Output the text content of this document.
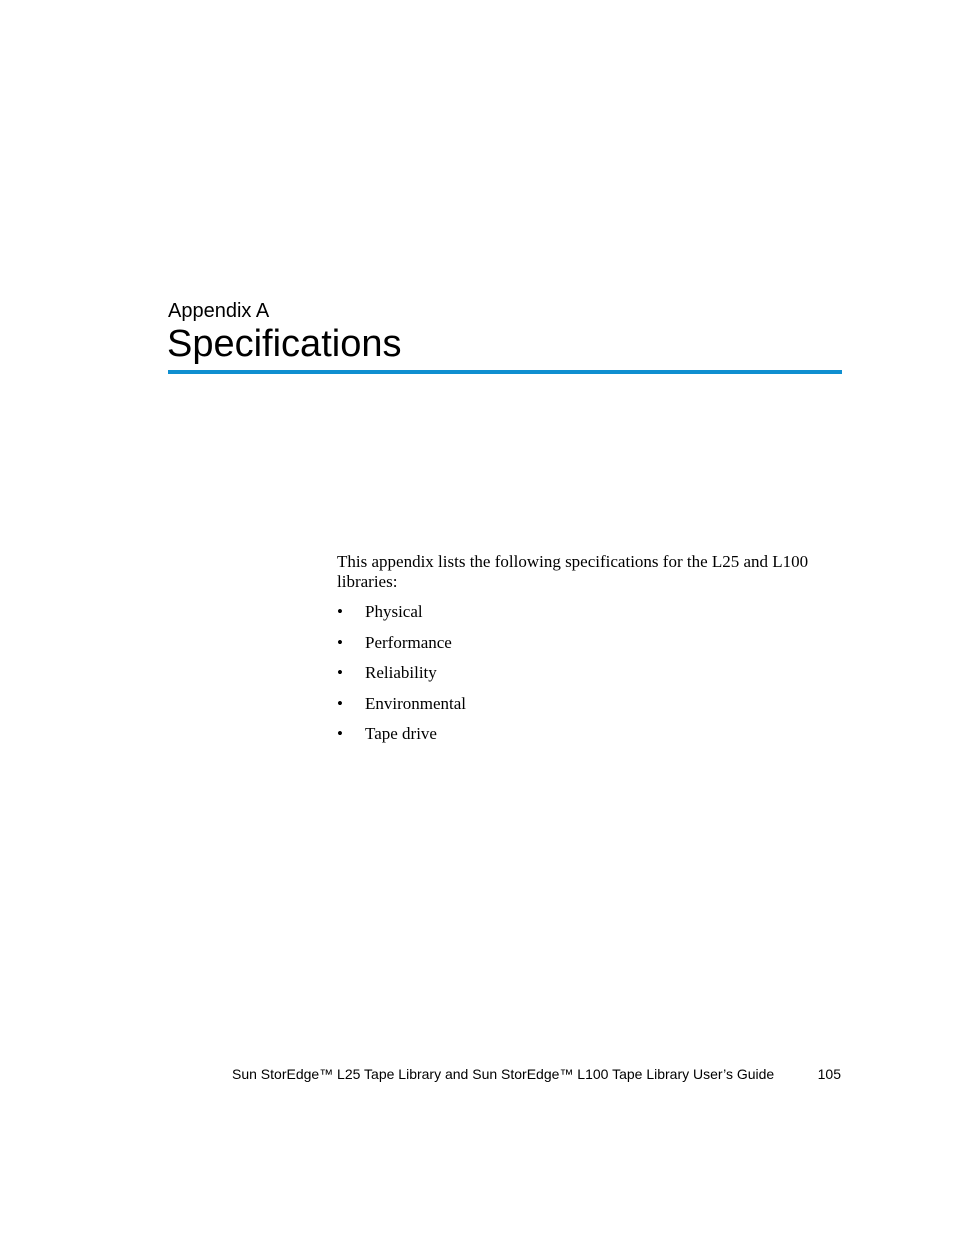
Appendix A
Specifications

This appendix lists the following specifications for the L25 and L100 libraries:

• Physical
• Performance
• Reliability
• Environmental
• Tape drive
Sun StorEdge™ L25 Tape Library and Sun StorEdge™ L100 Tape Library User’s Guide	105
